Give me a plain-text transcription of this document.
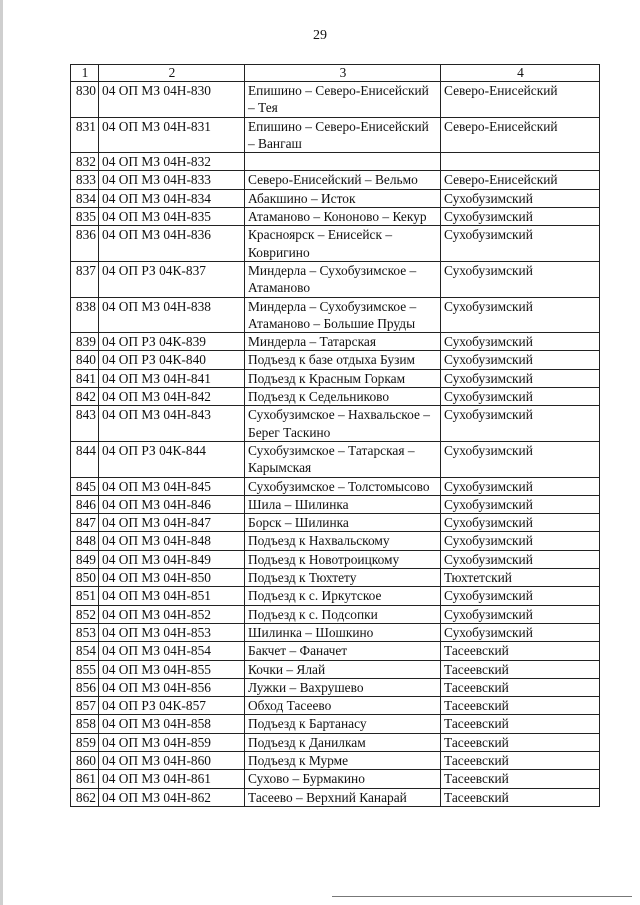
29
1	2	3	4
830	04 ОП МЗ 04Н-830	Епишино – Северо-Енисейский – Тея	Северо-Енисейский
831	04 ОП МЗ 04Н-831	Епишино – Северо-Енисейский – Вангаш	Северо-Енисейский
832	04 ОП МЗ 04Н-832		
833	04 ОП МЗ 04Н-833	Северо-Енисейский – Вельмо	Северо-Енисейский
834	04 ОП МЗ 04Н-834	Абакшино – Исток	Сухобузимский
835	04 ОП МЗ 04Н-835	Атаманово – Кононово – Кекур	Сухобузимский
836	04 ОП МЗ 04Н-836	Красноярск – Енисейск – Ковригино	Сухобузимский
837	04 ОП РЗ 04К-837	Миндерла – Сухобузимское – Атаманово	Сухобузимский
838	04 ОП МЗ 04Н-838	Миндерла – Сухобузимское – Атаманово – Большие Пруды	Сухобузимский
839	04 ОП РЗ 04К-839	Миндерла – Татарская	Сухобузимский
840	04 ОП РЗ 04К-840	Подъезд к базе отдыха Бузим	Сухобузимский
841	04 ОП МЗ 04Н-841	Подъезд к Красным Горкам	Сухобузимский
842	04 ОП МЗ 04Н-842	Подъезд к Седельниково	Сухобузимский
843	04 ОП МЗ 04Н-843	Сухобузимское – Нахвальское – Берег Таскино	Сухобузимский
844	04 ОП РЗ 04К-844	Сухобузимское – Татарская – Карымская	Сухобузимский
845	04 ОП МЗ 04Н-845	Сухобузимское – Толстомысово	Сухобузимский
846	04 ОП МЗ 04Н-846	Шила – Шилинка	Сухобузимский
847	04 ОП МЗ 04Н-847	Борск – Шилинка	Сухобузимский
848	04 ОП МЗ 04Н-848	Подъезд к Нахвальскому	Сухобузимский
849	04 ОП МЗ 04Н-849	Подъезд к Новотроицкому	Сухобузимский
850	04 ОП МЗ 04Н-850	Подъезд к Тюхтету	Тюхтетский
851	04 ОП МЗ 04Н-851	Подъезд к с. Иркутское	Сухобузимский
852	04 ОП МЗ 04Н-852	Подъезд к с. Подсопки	Сухобузимский
853	04 ОП МЗ 04Н-853	Шилинка – Шошкино	Сухобузимский
854	04 ОП МЗ 04Н-854	Бакчет – Фаначет	Тасеевский
855	04 ОП МЗ 04Н-855	Кочки – Ялай	Тасеевский
856	04 ОП МЗ 04Н-856	Лужки – Вахрушево	Тасеевский
857	04 ОП РЗ 04К-857	Обход Тасеево	Тасеевский
858	04 ОП МЗ 04Н-858	Подъезд к Бартанасу	Тасеевский
859	04 ОП МЗ 04Н-859	Подъезд к Данилкам	Тасеевский
860	04 ОП МЗ 04Н-860	Подъезд к Мурме	Тасеевский
861	04 ОП МЗ 04Н-861	Сухово – Бурмакино	Тасеевский
862	04 ОП МЗ 04Н-862	Тасеево – Верхний Канарай	Тасеевский
